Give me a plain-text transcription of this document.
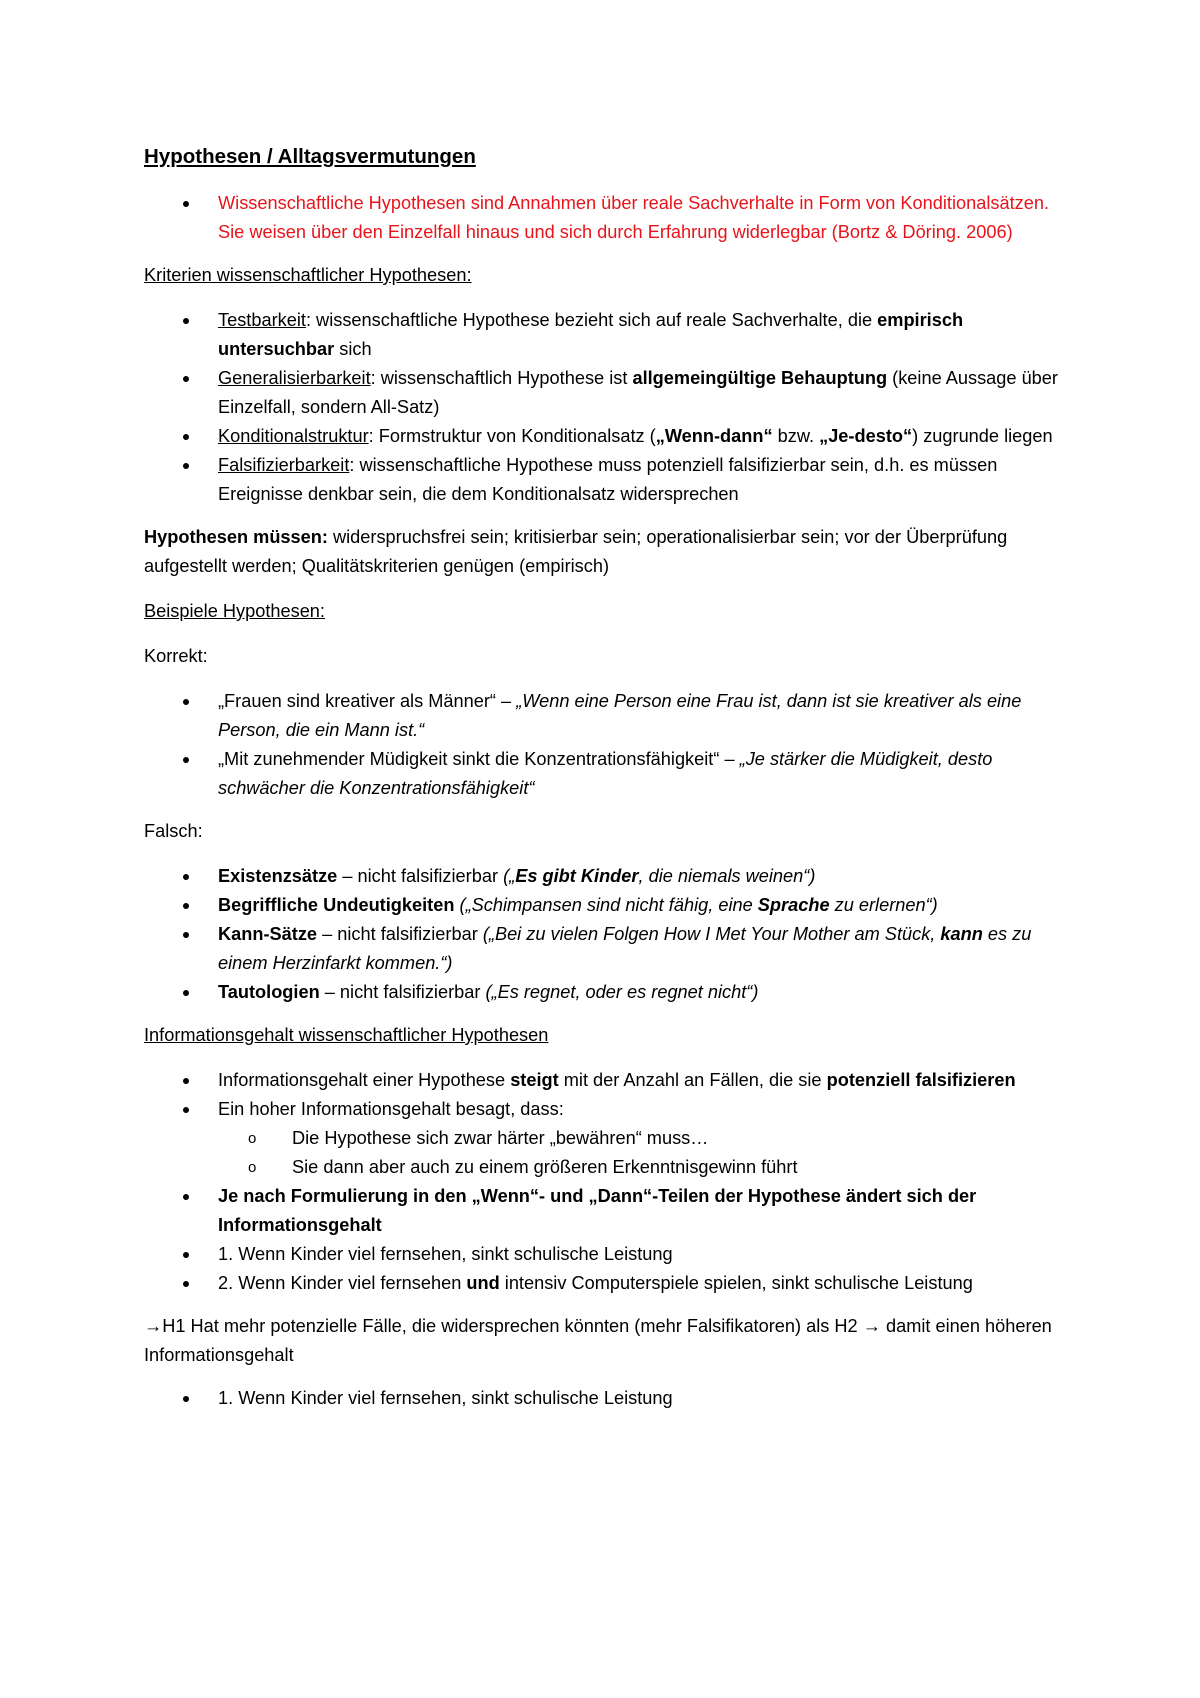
Hypothesen / Alltagsvermutungen

Wissenschaftliche Hypothesen sind Annahmen über reale Sachverhalte in Form von Konditionalsätzen. Sie weisen über den Einzelfall hinaus und sich durch Erfahrung widerlegbar (Bortz & Döring. 2006)

Kriterien wissenschaftlicher Hypothesen:

Testbarkeit: wissenschaftliche Hypothese bezieht sich auf reale Sachverhalte, die empirisch untersuchbar sich
Generalisierbarkeit: wissenschaftlich Hypothese ist allgemeingültige Behauptung (keine Aussage über Einzelfall, sondern All-Satz)
Konditionalstruktur: Formstruktur von Konditionalsatz („Wenn-dann“ bzw. „Je-desto“) zugrunde liegen
Falsifizierbarkeit: wissenschaftliche Hypothese muss potenziell falsifizierbar sein, d.h. es müssen Ereignisse denkbar sein, die dem Konditionalsatz widersprechen

Hypothesen müssen: widerspruchsfrei sein; kritisierbar sein; operationalisierbar sein; vor der Überprüfung aufgestellt werden; Qualitätskriterien genügen (empirisch)

Beispiele Hypothesen:

Korrekt:

„Frauen sind kreativer als Männer“ – „Wenn eine Person eine Frau ist, dann ist sie kreativer als eine Person, die ein Mann ist.“
„Mit zunehmender Müdigkeit sinkt die Konzentrationsfähigkeit“ – „Je stärker die Müdigkeit, desto schwächer die Konzentrationsfähigkeit“

Falsch:

Existenzsätze – nicht falsifizierbar („Es gibt Kinder, die niemals weinen“)
Begriffliche Undeutigkeiten („Schimpansen sind nicht fähig, eine Sprache zu erlernen“)
Kann-Sätze – nicht falsifizierbar („Bei zu vielen Folgen How I Met Your Mother am Stück, kann es zu einem Herzinfarkt kommen.“)
Tautologien – nicht falsifizierbar („Es regnet, oder es regnet nicht“)

Informationsgehalt wissenschaftlicher Hypothesen

Informationsgehalt einer Hypothese steigt mit der Anzahl an Fällen, die sie potenziell falsifizieren
Ein hoher Informationsgehalt besagt, dass:
o Die Hypothese sich zwar härter „bewähren“ muss…
o Sie dann aber auch zu einem größeren Erkenntnisgewinn führt
Je nach Formulierung in den „Wenn“- und „Dann“-Teilen der Hypothese ändert sich der Informationsgehalt
1. Wenn Kinder viel fernsehen, sinkt schulische Leistung
2. Wenn Kinder viel fernsehen und intensiv Computerspiele spielen, sinkt schulische Leistung

→H1 Hat mehr potenzielle Fälle, die widersprechen könnten (mehr Falsifikatoren) als H2 → damit einen höheren Informationsgehalt

1. Wenn Kinder viel fernsehen, sinkt schulische Leistung
